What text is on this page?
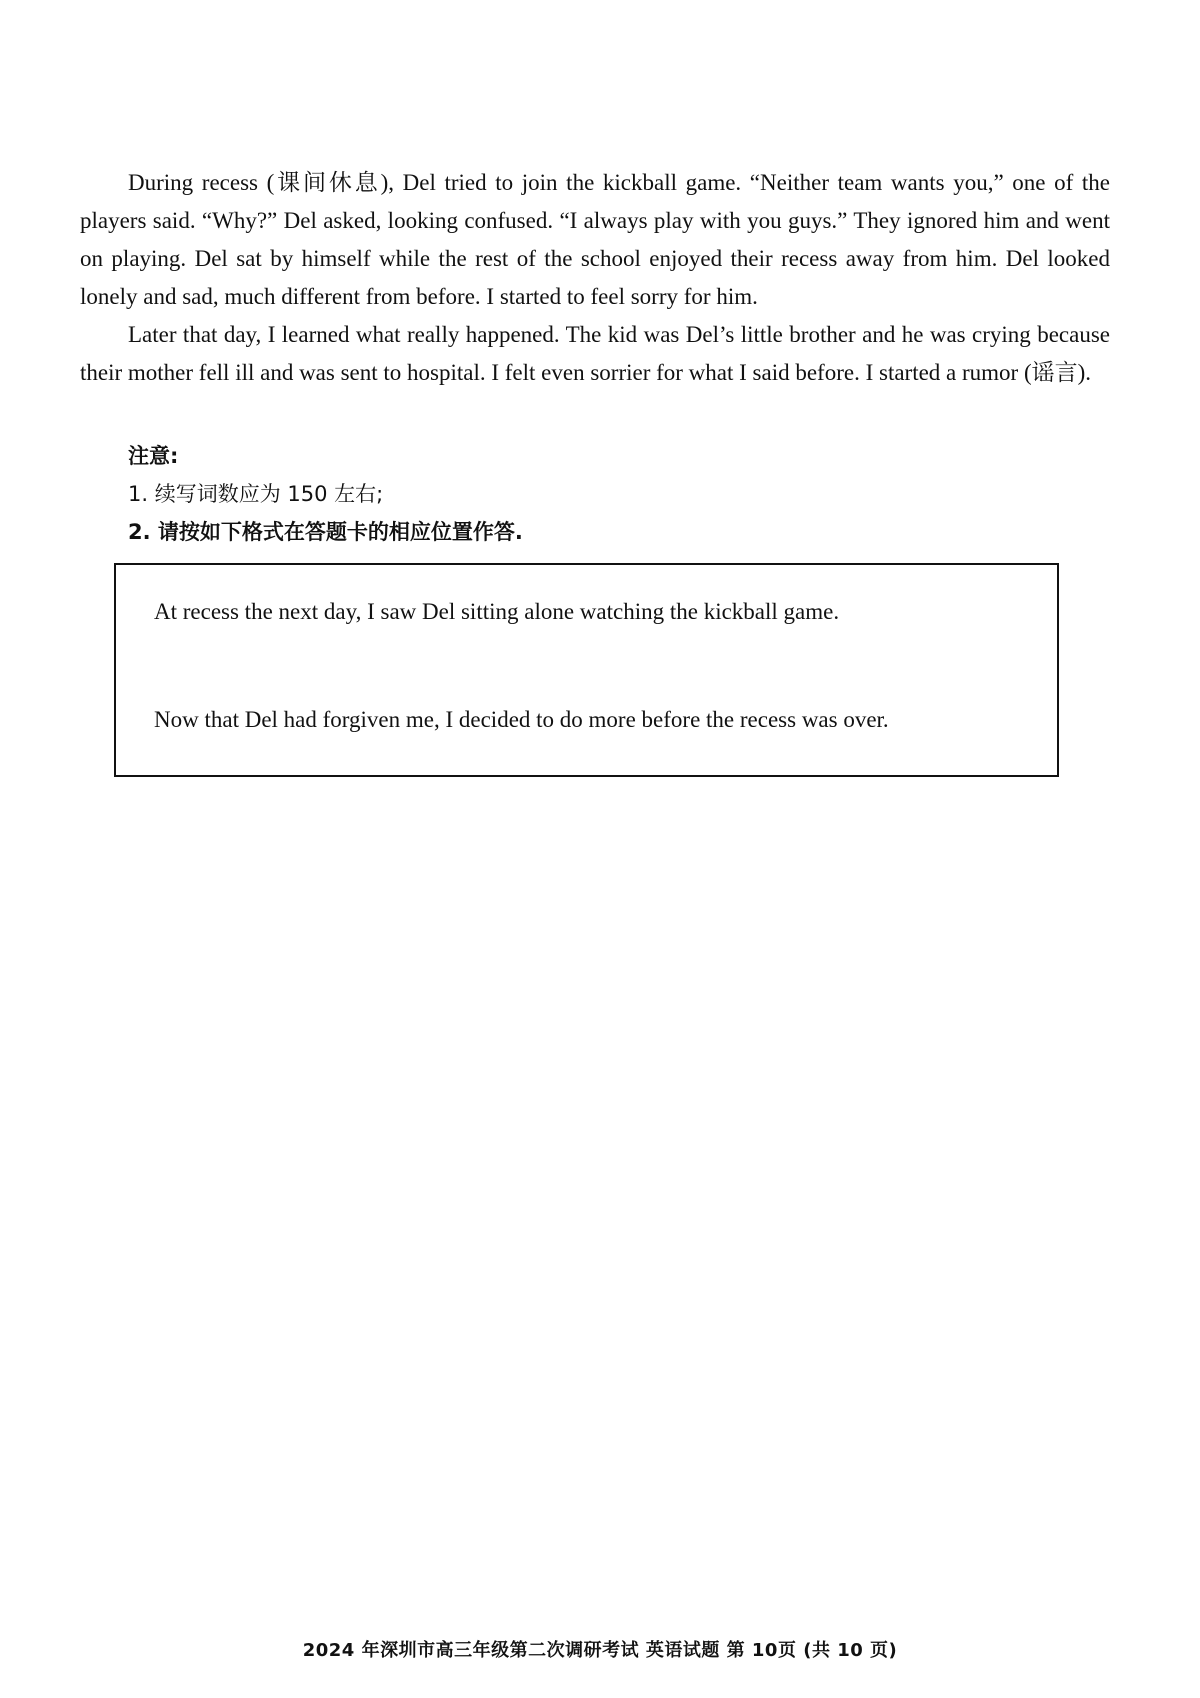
During recess (课间休息), Del tried to join the kickball game. “Neither team wants you,” one of the players said. “Why?” Del asked, looking confused. “I always play with you guys.” They ignored him and went on playing. Del sat by himself while the rest of the school enjoyed their recess away from him. Del looked lonely and sad, much different from before. I started to feel sorry for him.

Later that day, I learned what really happened. The kid was Del’s little brother and he was crying because their mother fell ill and was sent to hospital. I felt even sorrier for what I said before. I started a rumor (谣言).

注意:
1. 续写词数应为 150 左右;
2. 请按如下格式在答题卡的相应位置作答.
At recess the next day, I saw Del sitting alone watching the kickball game.
Now that Del had forgiven me, I decided to do more before the recess was over.
2024 年深圳市高三年级第二次调研考试 英语试题 第 10页 (共 10 页)
